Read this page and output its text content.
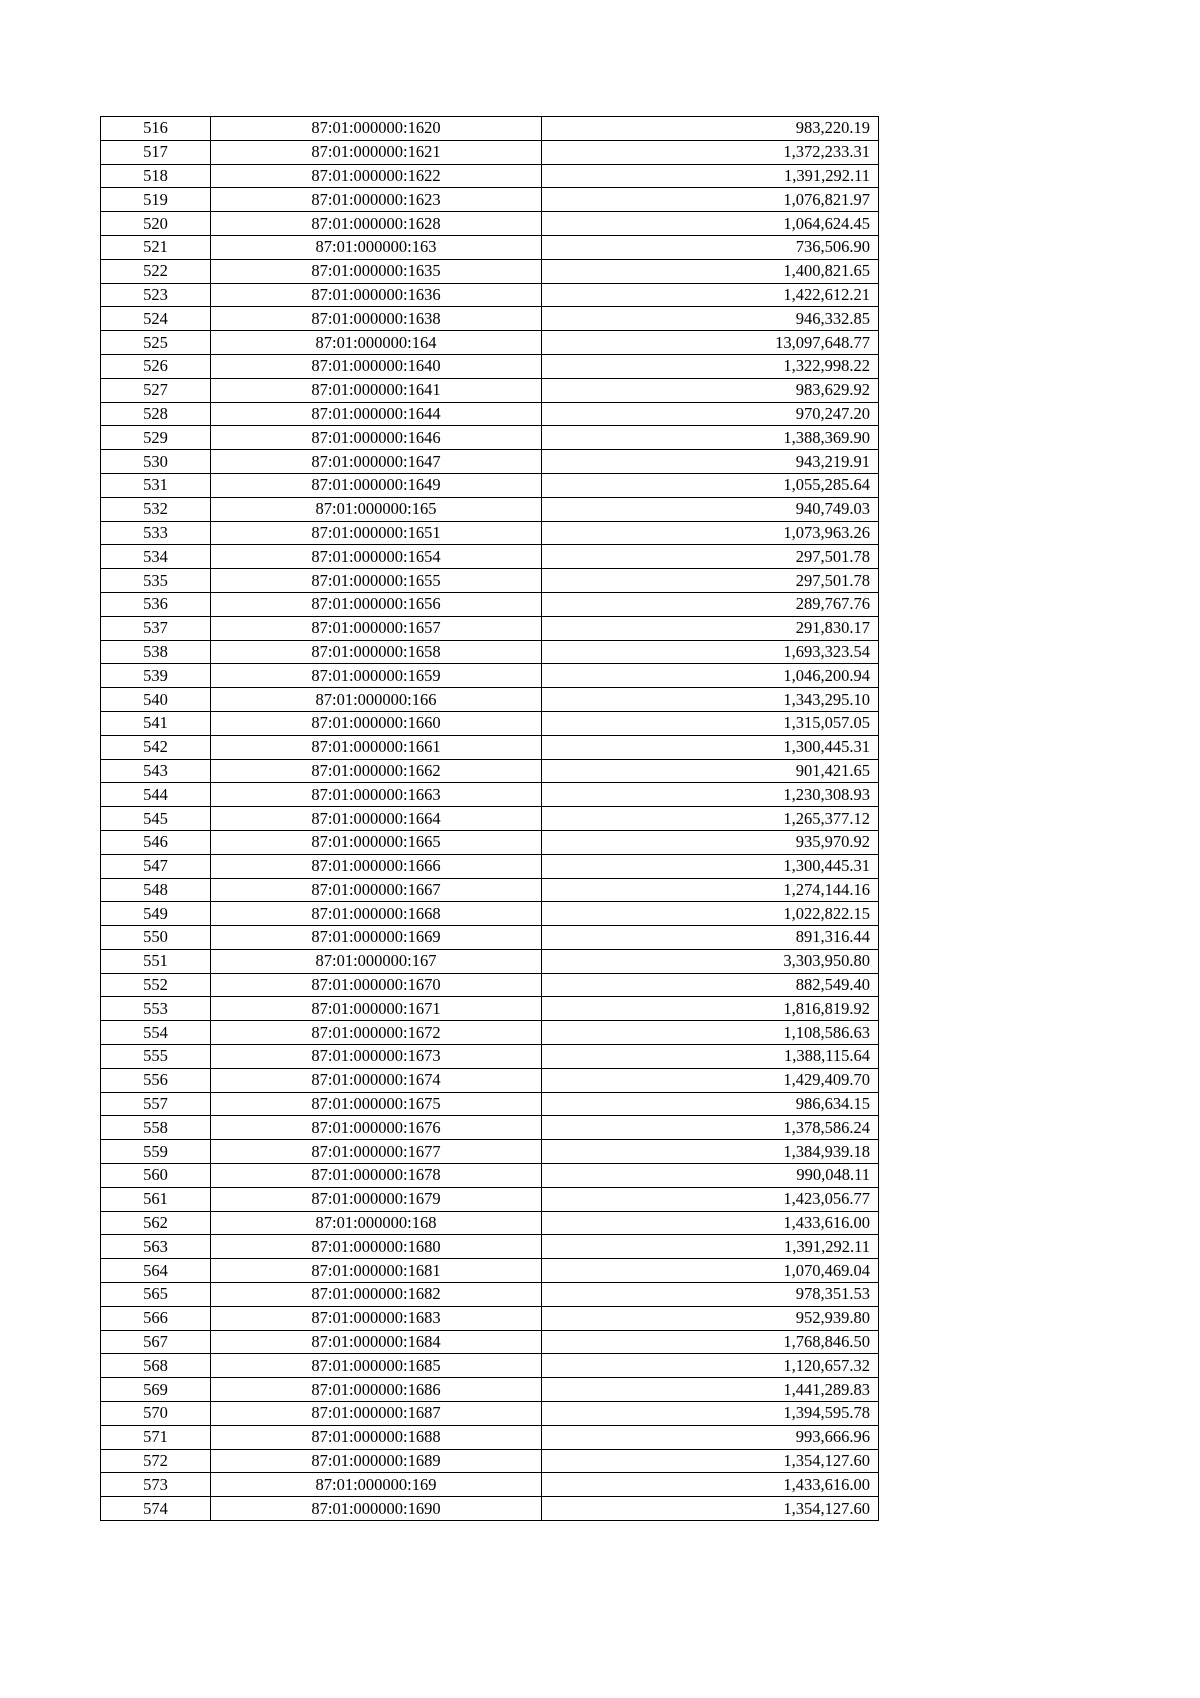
516	87:01:000000:1620	983,220.19
517	87:01:000000:1621	1,372,233.31
518	87:01:000000:1622	1,391,292.11
519	87:01:000000:1623	1,076,821.97
520	87:01:000000:1628	1,064,624.45
521	87:01:000000:163	736,506.90
522	87:01:000000:1635	1,400,821.65
523	87:01:000000:1636	1,422,612.21
524	87:01:000000:1638	946,332.85
525	87:01:000000:164	13,097,648.77
526	87:01:000000:1640	1,322,998.22
527	87:01:000000:1641	983,629.92
528	87:01:000000:1644	970,247.20
529	87:01:000000:1646	1,388,369.90
530	87:01:000000:1647	943,219.91
531	87:01:000000:1649	1,055,285.64
532	87:01:000000:165	940,749.03
533	87:01:000000:1651	1,073,963.26
534	87:01:000000:1654	297,501.78
535	87:01:000000:1655	297,501.78
536	87:01:000000:1656	289,767.76
537	87:01:000000:1657	291,830.17
538	87:01:000000:1658	1,693,323.54
539	87:01:000000:1659	1,046,200.94
540	87:01:000000:166	1,343,295.10
541	87:01:000000:1660	1,315,057.05
542	87:01:000000:1661	1,300,445.31
543	87:01:000000:1662	901,421.65
544	87:01:000000:1663	1,230,308.93
545	87:01:000000:1664	1,265,377.12
546	87:01:000000:1665	935,970.92
547	87:01:000000:1666	1,300,445.31
548	87:01:000000:1667	1,274,144.16
549	87:01:000000:1668	1,022,822.15
550	87:01:000000:1669	891,316.44
551	87:01:000000:167	3,303,950.80
552	87:01:000000:1670	882,549.40
553	87:01:000000:1671	1,816,819.92
554	87:01:000000:1672	1,108,586.63
555	87:01:000000:1673	1,388,115.64
556	87:01:000000:1674	1,429,409.70
557	87:01:000000:1675	986,634.15
558	87:01:000000:1676	1,378,586.24
559	87:01:000000:1677	1,384,939.18
560	87:01:000000:1678	990,048.11
561	87:01:000000:1679	1,423,056.77
562	87:01:000000:168	1,433,616.00
563	87:01:000000:1680	1,391,292.11
564	87:01:000000:1681	1,070,469.04
565	87:01:000000:1682	978,351.53
566	87:01:000000:1683	952,939.80
567	87:01:000000:1684	1,768,846.50
568	87:01:000000:1685	1,120,657.32
569	87:01:000000:1686	1,441,289.83
570	87:01:000000:1687	1,394,595.78
571	87:01:000000:1688	993,666.96
572	87:01:000000:1689	1,354,127.60
573	87:01:000000:169	1,433,616.00
574	87:01:000000:1690	1,354,127.60
